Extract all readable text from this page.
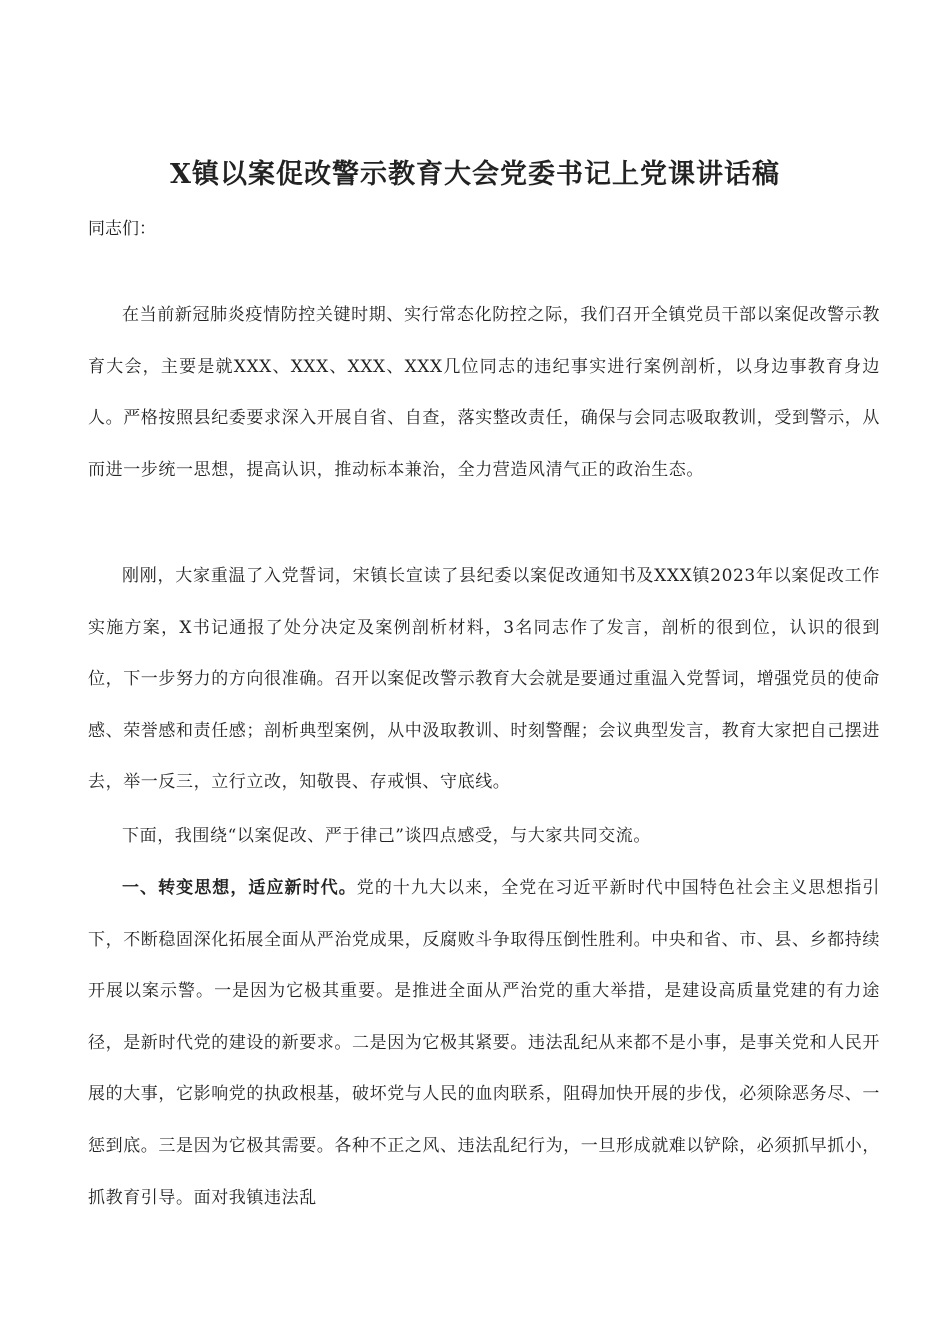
X镇以案促改警示教育大会党委书记上党课讲话稿
同志们：

在当前新冠肺炎疫情防控关键时期、实行常态化防控之际，我们召开全镇党员干部以案促改警示教育大会，主要是就XXX、XXX、XXX、XXX几位同志的违纪事实进行案例剖析，以身边事教育身边人。严格按照县纪委要求深入开展自省、自查，落实整改责任，确保与会同志吸取教训，受到警示，从而进一步统一思想，提高认识，推动标本兼治，全力营造风清气正的政治生态。

刚刚，大家重温了入党誓词，宋镇长宣读了县纪委以案促改通知书及XXX镇2023年以案促改工作实施方案，X书记通报了处分决定及案例剖析材料，3名同志作了发言，剖析的很到位，认识的很到位，下一步努力的方向很准确。召开以案促改警示教育大会就是要通过重温入党誓词，增强党员的使命感、荣誉感和责任感；剖析典型案例，从中汲取教训、时刻警醒；会议典型发言，教育大家把自己摆进去，举一反三，立行立改，知敬畏、存戒惧、守底线。

下面，我围绕“以案促改、严于律己”谈四点感受，与大家共同交流。

一、转变思想，适应新时代。党的十九大以来，全党在习近平新时代中国特色社会主义思想指引下，不断稳固深化拓展全面从严治党成果，反腐败斗争取得压倒性胜利。中央和省、市、县、乡都持续开展以案示警。一是因为它极其重要。是推进全面从严治党的重大举措，是建设高质量党建的有力途径，是新时代党的建设的新要求。二是因为它极其紧要。违法乱纪从来都不是小事，是事关党和人民开展的大事，它影响党的执政根基，破坏党与人民的血肉联系，阻碍加快开展的步伐，必须除恶务尽、一惩到底。三是因为它极其需要。各种不正之风、违法乱纪行为，一旦形成就难以铲除，必须抓早抓小，抓教育引导。面对我镇违法乱
